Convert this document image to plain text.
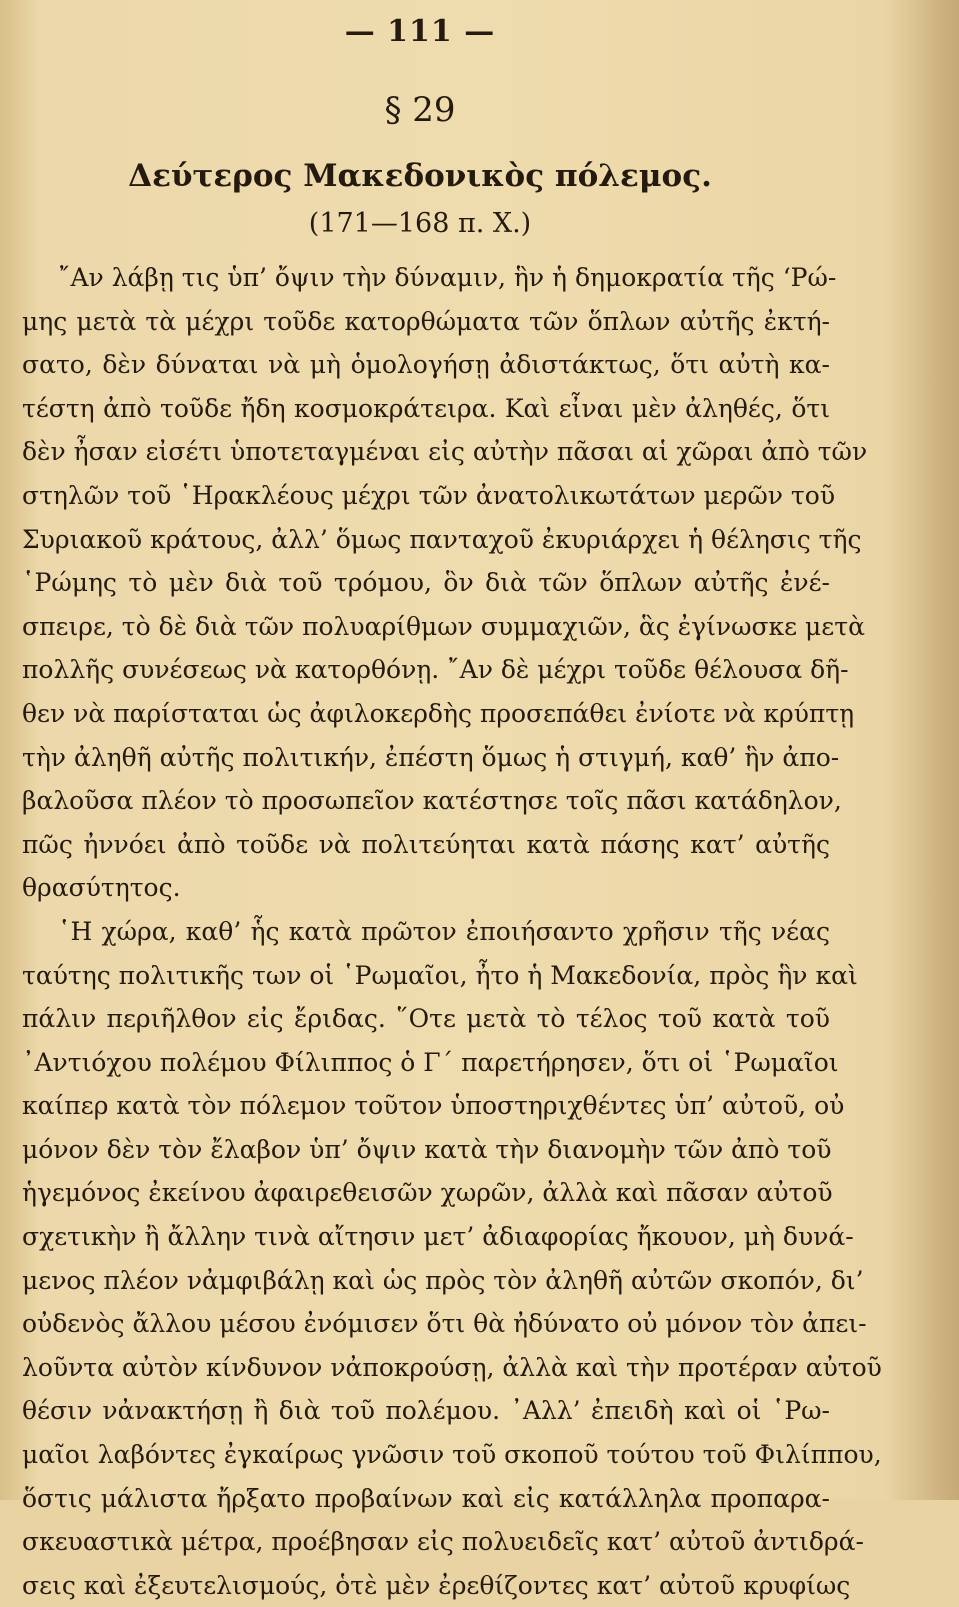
— 111 —
§ 29
Δεύτερος Μακεδονικὸς πόλεμος.
(171—168 π. Χ.)
῎Αν λάβῃ τις ὑπ’ ὄψιν τὴν δύναμιν, ἣν ἡ δημοκρατία τῆς ‘Ρώ-
μης μετὰ τὰ μέχρι τοῦδε κατορθώματα τῶν ὅπλων αὐτῆς ἐκτή-
σατο, δὲν δύναται νὰ μὴ ὁμολογήσῃ ἀδιστάκτως, ὅτι αὐτὴ κα-
τέστη ἀπὸ τοῦδε ἤδη κοσμοκράτειρα. Καὶ εἶναι μὲν ἀληθές, ὅτι
δὲν ἦσαν εἰσέτι ὑποτεταγμέναι εἰς αὐτὴν πᾶσαι αἱ χῶραι ἀπὸ τῶν
στηλῶν τοῦ ῾Ηρακλέους μέχρι τῶν ἀνατολικωτάτων μερῶν τοῦ
Συριακοῦ κράτους, ἀλλ’ ὅμως πανταχοῦ ἐκυριάρχει ἡ θέλησις τῆς
῾Ρώμης τὸ μὲν διὰ τοῦ τρόμου, ὃν διὰ τῶν ὅπλων αὐτῆς ἐνέ-
σπειρε, τὸ δὲ διὰ τῶν πολυαρίθμων συμμαχιῶν, ἃς ἐγίνωσκε μετὰ
πολλῆς συνέσεως νὰ κατορθόνῃ. ῎Αν δὲ μέχρι τοῦδε θέλουσα δῆ-
θεν νὰ παρίσταται ὡς ἀφιλοκερδὴς προσεπάθει ἐνίοτε νὰ κρύπτῃ
τὴν ἀληθῆ αὐτῆς πολιτικήν, ἐπέστη ὅμως ἡ στιγμή, καθ’ ἣν ἀπο-
βαλοῦσα πλέον τὸ προσωπεῖον κατέστησε τοῖς πᾶσι κατάδηλον,
πῶς ἠννόει ἀπὸ τοῦδε νὰ πολιτεύηται κατὰ πάσης κατ’ αὐτῆς
θρασύτητος.
῾Η χώρα, καθ’ ἧς κατὰ πρῶτον ἐποιήσαντο χρῆσιν τῆς νέας
ταύτης πολιτικῆς των οἱ ῾Ρωμαῖοι, ἦτο ἡ Μακεδονία, πρὸς ἣν καὶ
πάλιν περιῆλθον εἰς ἔριδας. ῞Οτε μετὰ τὸ τέλος τοῦ κατὰ τοῦ
᾿Αντιόχου πολέμου Φίλιππος ὁ Γ´ παρετήρησεν, ὅτι οἱ ῾Ρωμαῖοι
καίπερ κατὰ τὸν πόλεμον τοῦτον ὑποστηριχθέντες ὑπ’ αὐτοῦ, οὐ
μόνον δὲν τὸν ἔλαβον ὑπ’ ὄψιν κατὰ τὴν διανομὴν τῶν ἀπὸ τοῦ
ἡγεμόνος ἐκείνου ἀφαιρεθεισῶν χωρῶν, ἀλλὰ καὶ πᾶσαν αὐτοῦ
σχετικὴν ἢ ἄλλην τινὰ αἴτησιν μετ’ ἀδιαφορίας ἤκουον, μὴ δυνά-
μενος πλέον νἀμφιβάλῃ καὶ ὡς πρὸς τὸν ἀληθῆ αὐτῶν σκοπόν, δι’
οὐδενὸς ἄλλου μέσου ἐνόμισεν ὅτι θὰ ἠδύνατο οὐ μόνον τὸν ἀπει-
λοῦντα αὐτὸν κίνδυνον νἀποκρούσῃ, ἀλλὰ καὶ τὴν προτέραν αὐτοῦ
θέσιν νἀνακτήσῃ ἢ διὰ τοῦ πολέμου. ᾿Αλλ’ ἐπειδὴ καὶ οἱ ῾Ρω-
μαῖοι λαβόντες ἐγκαίρως γνῶσιν τοῦ σκοποῦ τούτου τοῦ Φιλίππου,
ὅστις μάλιστα ἤρξατο προβαίνων καὶ εἰς κατάλληλα προπαρα-
σκευαστικὰ μέτρα, προέβησαν εἰς πολυειδεῖς κατ’ αὐτοῦ ἀντιδρά-
σεις καὶ ἐξευτελισμούς, ὁτὲ μὲν ἐρεθίζοντες κατ’ αὐτοῦ κρυφίως
